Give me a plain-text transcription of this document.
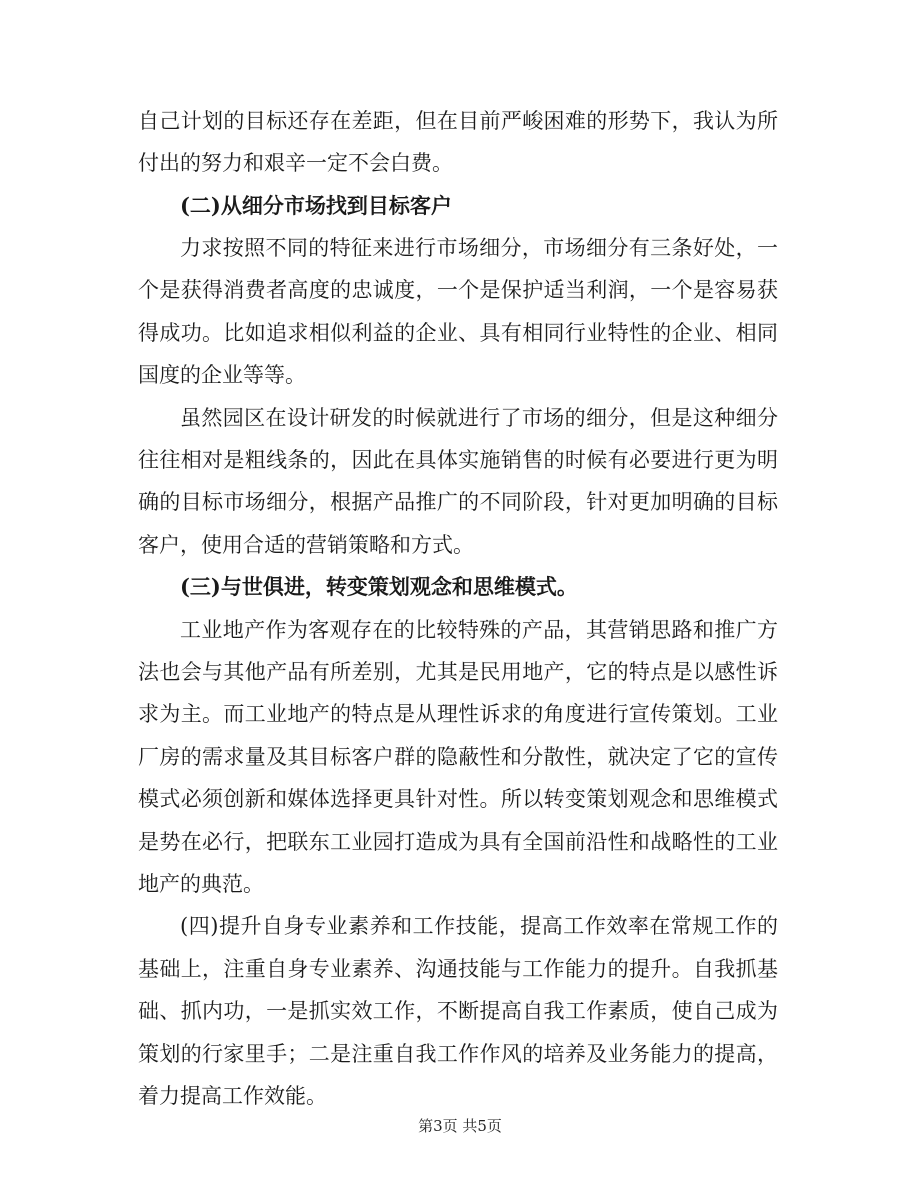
自己计划的目标还存在差距，但在目前严峻困难的形势下，我认为所
付出的努力和艰辛一定不会白费。
(二)从细分市场找到目标客户
力求按照不同的特征来进行市场细分，市场细分有三条好处，一
个是获得消费者高度的忠诚度，一个是保护适当利润，一个是容易获
得成功。比如追求相似利益的企业、具有相同行业特性的企业、相同
国度的企业等等。
虽然园区在设计研发的时候就进行了市场的细分，但是这种细分
往往相对是粗线条的，因此在具体实施销售的时候有必要进行更为明
确的目标市场细分，根据产品推广的不同阶段，针对更加明确的目标
客户，使用合适的营销策略和方式。
(三)与世俱进，转变策划观念和思维模式。
工业地产作为客观存在的比较特殊的产品，其营销思路和推广方
法也会与其他产品有所差别，尤其是民用地产，它的特点是以感性诉
求为主。而工业地产的特点是从理性诉求的角度进行宣传策划。工业
厂房的需求量及其目标客户群的隐蔽性和分散性，就决定了它的宣传
模式必须创新和媒体选择更具针对性。所以转变策划观念和思维模式
是势在必行，把联东工业园打造成为具有全国前沿性和战略性的工业
地产的典范。
(四)提升自身专业素养和工作技能，提高工作效率在常规工作的
基础上，注重自身专业素养、沟通技能与工作能力的提升。自我抓基
础、抓内功，一是抓实效工作，不断提高自我工作素质，使自己成为
策划的行家里手；二是注重自我工作作风的培养及业务能力的提高，
着力提高工作效能。
第3页 共5页
